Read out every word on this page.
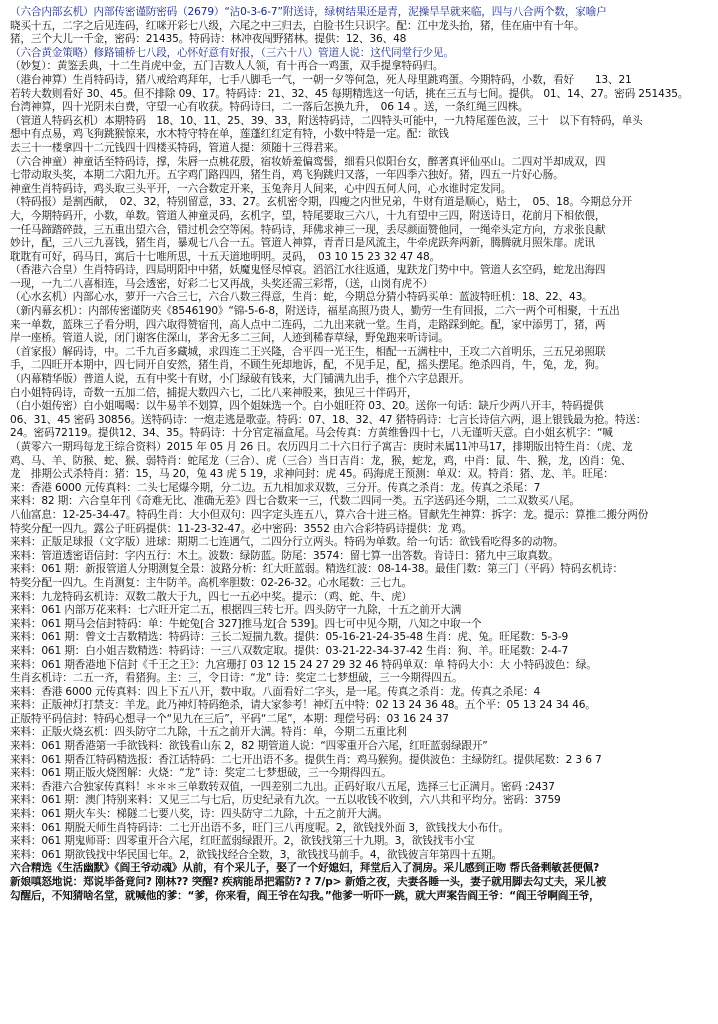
（六合内部玄机）内部传密谨防密码（2679）“沾0-3-6-7”附送诗，绿树结果还是青，泥操旱旱就来临，四与八合两个数，家喻户
晓买十五，二字之后见连码，红咪开彩七八级，六尾之中三归去，白脸书生只识字。配：江中龙头抬，猪，佳在庙中有十年。
猪，三个大儿一千金，密码：21435。特码诗：林冲夜闯野猪林。提供：12、36、48
（六合黄金策略）修路铺桥七八段，心怀好意有好报，（三六十八）管道人说：这代同堂行少见。
（妙复）：黄鉴丢典，十二生肖虎中金，五门吉数人人领，有十再合一鸡蛋，双手提拿特码归。
（港台神算）生肖特码诗，猪八戒给鸡拜年，七手八脚毛一气，一朝一夕等何急，死人母里跳鸡蛋。今期特码，小数，看好　　13、21
若转大数则看好 30、45。但不排除 09、17。特码诗：21、32、45 每期精选这一句话，挑在三五与七间。提供。 01、14、27。密码 251435。
台湾神算，四十光阴未白费，守望一心有收获。特码诗曰，二一落后怎换九升，　06 14 。送，一条红绳三四株。
（管道人特码玄机）本期特码　18、10、11、25、39、33，附送特码诗，二四特头可能中，一九特尾莲色波，三十　以下有特码，单头
想中有点易，鸡飞狗跳猴惊来，水木特守特在单，莲蓬红红定有特，小数中特是一定。配：欲钱
去三十一楼拿四十二元钱四十四楼买特码，管道人提：须随十三得君来。
（六合神童）神童话至特码诗，撑，朱唇一点桃花殷，宿妆娇羞偏鸾髻，细看只似阳台女，醉著真评仙巫山。二四对半却成双，四
七带动取头奖，本期二六阳九开。五字鸡门路四四，猪生肖，鸡飞狗跳归又落，一年四季六独好。猪，四五一片好心肠。
神童生肖特码诗，鸡头取三头平开，一六合数定开来，玉兔奔月人间来，心中四五何人问，心水谁时定发同。
（特码报）是割西献，　02、32，特别留意，33、27。玄机密令期，四瘦之内世兄弟，牛财有道是顺心，贴士，　05、18。今期总分开
大，今期特码开，小数，单数。管道人神童灵码，玄机字，望，特尾要取三六八，十九有望中三四，附送诗日，花前月下相依偎，
一任马蹄踏碎鼓，三五重出望六合，错过机会空等闲。特码诗，拜佛求神三一现，丢尽颜面赞他同，一绳牵头定方向，方求张良献
妙计，配，三八三九喜钱，猪生肖，暴观七八合一五。管道人神算，青青日是风流主，牛牵虎跃奔两新，腾腾就月照朱扉。虎讯
耽耽有可好，码马日，寓后十七唯所思，十五天道地明明。灵码，　03 10 15 23 32 47 48。
（香港六合皇）生肖特码诗，四局明阳中中猪，妖魔鬼怪尽悼哀。滔滔江水往返通，鬼趺龙门势中中。管道人玄空码，蛇龙出海四
一现，一九二八喜相连，马会透密，好彩二七又再战，头奖还需三彩帮，（送，山岗有虎不）
（心水玄机）内部心水，萝开一六合三七，六合八数三得意，生肖：蛇，今期总分猜小特码买单：蓝波特旺机：18、22、43。
（新内幕玄机）：内部传密谨防夹《8546190》“锦-5-6-8，附送诗，福星高照乃贵人，勤劳一生有回报，二六一两个可相聚，十五出
来一单数，蓝珠三子看分明，四六取得赞宿刊，高人点中二连码，二九出来就一堂。生肖，走路踩到蛇。配，家中添男丁，猪，两
岸一座桥。管道人说，闭门谢客住深山，茅舍无多二三间，人迹到稀春草绿，野兔跑来听诗词。
（首家报）解码诗，中。二千九百多藏城，求四连二王兴隆，合平四一光王生，相配一五满柱中，王攻二六首明乐，三五兄弟照联
手，二四旺开本期中，四七同开自安然，猪生肖，不顾生死却地诉，配，不见手足，配，摇头摆尾。绝杀四肖，牛，兔，龙，狗。
（内幕精华版）普道人说，五有中奖十有财，小门绿破有钱来，大门铺满九出手，推个六字总跟开。
白小姐特码诗，奇数一五加二倍，捕捉大数四六七，二比八来神股来，独见三十伴码开，
（白小姐传密）白小姐喝喝：以牛易羊不划算，四个姐妹选一个。白小姐旺符 03、20。送你一句话：缺斤少两八开丰，特码提供
06、31、45 密码 30856。送特码诗：一炮走逃是歌壶。特码：07、18、32、47 猪特码诗：七言长诗信六两，退上银钱最为抢。特送：
24。密码72119。提供12、34、35。特码诗：十分官定福盒尾。马会传真：方黄维鲁四十七，八无谨听天意。白小姐玄机字：“喊
（黄零六一期玛每龙王综合资料）2015 年 05 月 26 日。农历四月二十六日行子寓吉：庚时未属11冲马17，排期版出特生肖：（虎、龙
鸡、马、羊、防猴、蛇、猴、弱特肖：蛇尾龙（三合）、虎（三合）当日吉肖：龙，猴，蛇龙，鸡，中肖：鼠、牛、猴，龙，凶肖：兔、
龙　排期公式杀特肖：猪：15，马 20，兔 43 虎 5 19，求神问封：虎 45。码海虎王预测：单双：双。特肖：猪、龙、羊。旺尾：
来：香港 6000 元传真料：二头七尾爆今期，分二边。五九相加求双数，三分开。传真之杀肖：龙。传真之杀尾：7
来料：82 期：六合皇年刊《奇难无比、准确无差》四七合数来一三，代数二四同一类。五字送码还今期，二二双数买八尾。
八仙富息：12-25-34-47。特码生肖：大小但双句：四字定头连五八，算六合十进三格。冒献先生神算：拆字：龙。提示：算推二搬分两份
特奖分配一四九。露公子旺码提供：11-23-32-47。必中密码：3552 由六合彩特码诗提供：龙 鸡。
来料：正版足球报（文字版）进球：期期二七连遇气，二四分行立两头。特码为单数。给一句话：欲钱看吃得多的动物。
来料：管道透密语信封：字内五行：木土。波数：绿防蓝。防尾：3574：留七算一出答数。肯诗日：猪九中三取真数。
来料：061 期：新报管道人分期测复全景：波路分析：红大旺蓝弱。精选红波：08-14-38。最佳门数：第三门（平码）特码玄机诗：
特奖分配一四九。生肖测复：主牛防羊。高机率胆数：02-26-32。心水尾数：三七九。
来料：九龙特码玄机诗：双数二散大于九，四七一五必中奖。提示：（鸡、蛇、牛、虎）
来料：061 内部万花来料：七六旺开定二五，根据四三转七开。四头防守一九除，十五之前开大满
来料：061 期马会信封特码：单：牛蛇兔[合 327]推马龙[合 539]。四七可中见今期，八知之中取一个
来料：061 期：曾文士吉数精选：特码诗：三长二短揣九数。提供：05-16-21-24-35-48 生肖：虎、兔。旺尾数：5-3-9
来料：061 期：白小姐吉数精选：特码诗：一三八双数定取。提供：03-21-22-34-37-42 生肖：狗、羊。旺尾数：2-4-7
来料：061 期香港地下信封《千王之王》：九宫珊打 03 12 15 24 27 29 32 46 特码单双：单 特码大小：大 小特码波色：绿。
生肖玄机诗：二五一齐，看猪狗。主：三，令日诗：“龙” 诗：奖定二七梦想破，三一今期得四五。
来料：香港 6000 元传真料：四上下五八开，数中取。八面看好二字头，是一尾。传真之杀肖：龙。传真之杀尾：4
来料：正版神灯打禁支：羊龙。此乃神灯特码绝杀，请大家参考！神灯五中特：02 13 24 36 48。五个平：05 13 24 34 46。
正版特平码信封：特码心想寻一个“见九在三后”，平码“二尾”，本期：理偿号码：03 16 24 37
来料：正版火烧玄机：四头防守二九除，十五之前开大满。特肖：单，今期二五重比利
来料：061 期香港第一手欲钱料：欲钱看山东 2，82 期管道人说：“四零重开合六尾，红旺蓝弱绿跟开”
来料：061 期香江特码精选报：香江话特码：二七开出语不多。提供生肖：鸡马猴狗。提供波色：主绿防红。提供尾数：2 3 6 7
来料：061 期正版火烧图解：火烧：“龙” 诗：奖定二七梦想破，三一今期得四五。
来料：香港六合独家传真料！＊＊＊三单数转双值，一四差别二九出。正码好取八五尾，选择三七正满月。密码 :2437
来料：061 期：澳门特别来料：又见三二与七后，历史纪录有九次。一五以收钱不收到，六八共和平均分。密码：3759
来料：061 期火车头：梯隧二七要八奖，诗：四头防守二九除，十五之前开大满。
来料：061 期脱天师生肖特码诗：二七开出语不多，旺门三八再度呢。2，欲钱找外面 3，欲钱找大小布什。
来料：061 期鬼师哥：四零重开合六尾，红旺蓝弱绿跟开。2，欲钱找第三十九期。3，欲钱找韦小宝
来料：061 期欲钱找中华民国七年。2，欲钱找经合全数，3，欲钱找马前手。4，欲钱彼言年第四十五期。
六合精选《生活幽默》《阎王爷动魂》从前，有个采儿子，娶了一个好媳妇，拜堂后入了洞房。采儿感到正吻 帮氏备剩敏甚便佩?
新娘嗔怒地说：郑说毕备竟问? 刚林?? 突醒? 疾病能昂把霜防? ? 7/p> 新婚之夜，夫妻各睡一头，妻子就用脚去勾丈夫，采儿被
勾醒后，不知猜啥名堂，就喊他的爹：“爹，你来看，阎王爷在勾我。”他爹一听吓一跳，就大声案告阎王爷：“阎王爷啊阎王爷，
